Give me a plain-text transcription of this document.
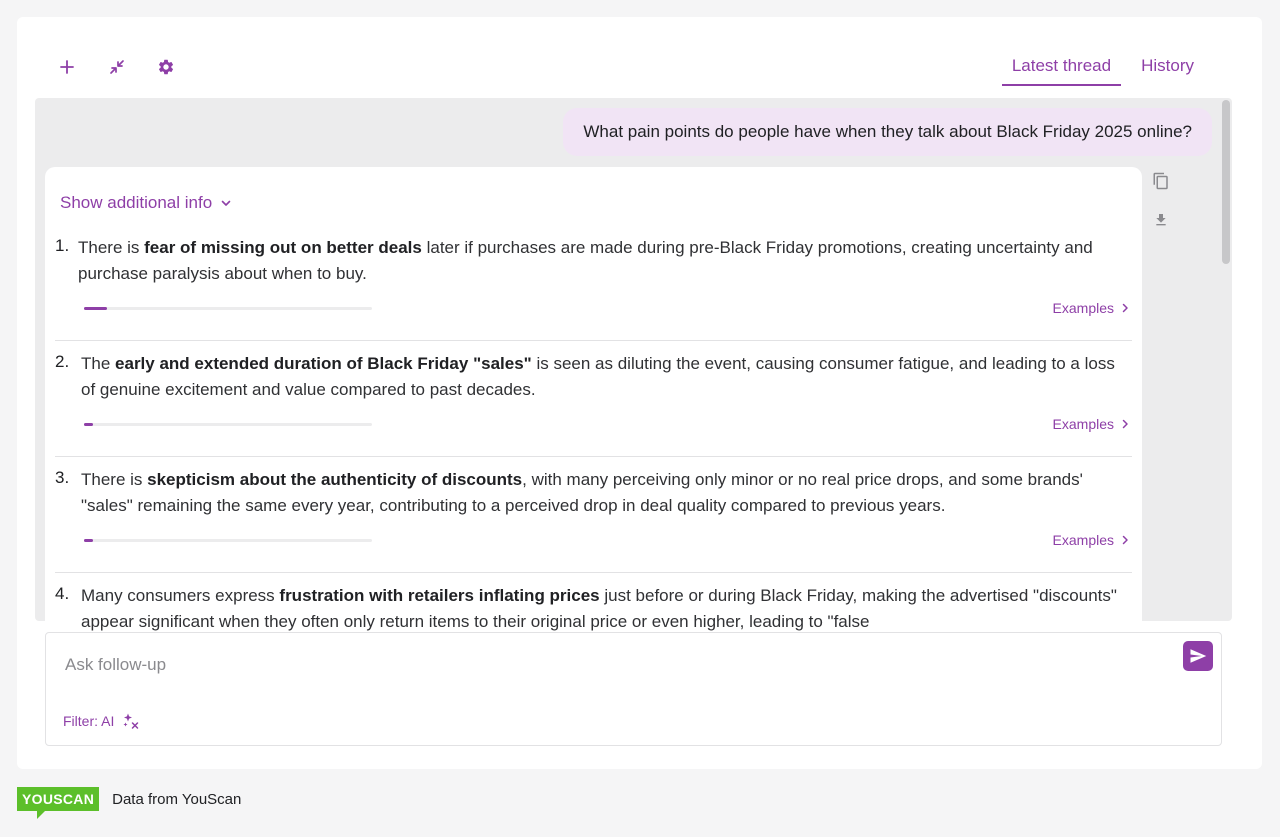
Latest thread	History
What pain points do people have when they talk about Black Friday 2025 online?
Show additional info
1. There is fear of missing out on better deals later if purchases are made during pre-Black Friday promotions, creating uncertainty and purchase paralysis about when to buy.
Examples
2. The early and extended duration of Black Friday "sales" is seen as diluting the event, causing consumer fatigue, and leading to a loss of genuine excitement and value compared to past decades.
Examples
3. There is skepticism about the authenticity of discounts, with many perceiving only minor or no real price drops, and some brands' "sales" remaining the same every year, contributing to a perceived drop in deal quality compared to previous years.
Examples
4. Many consumers express frustration with retailers inflating prices just before or during Black Friday, making the advertised "discounts" appear significant when they often only return items to their original price or even higher, leading to "false
Ask follow-up
Filter: AI
YOUSCAN	Data from YouScan
